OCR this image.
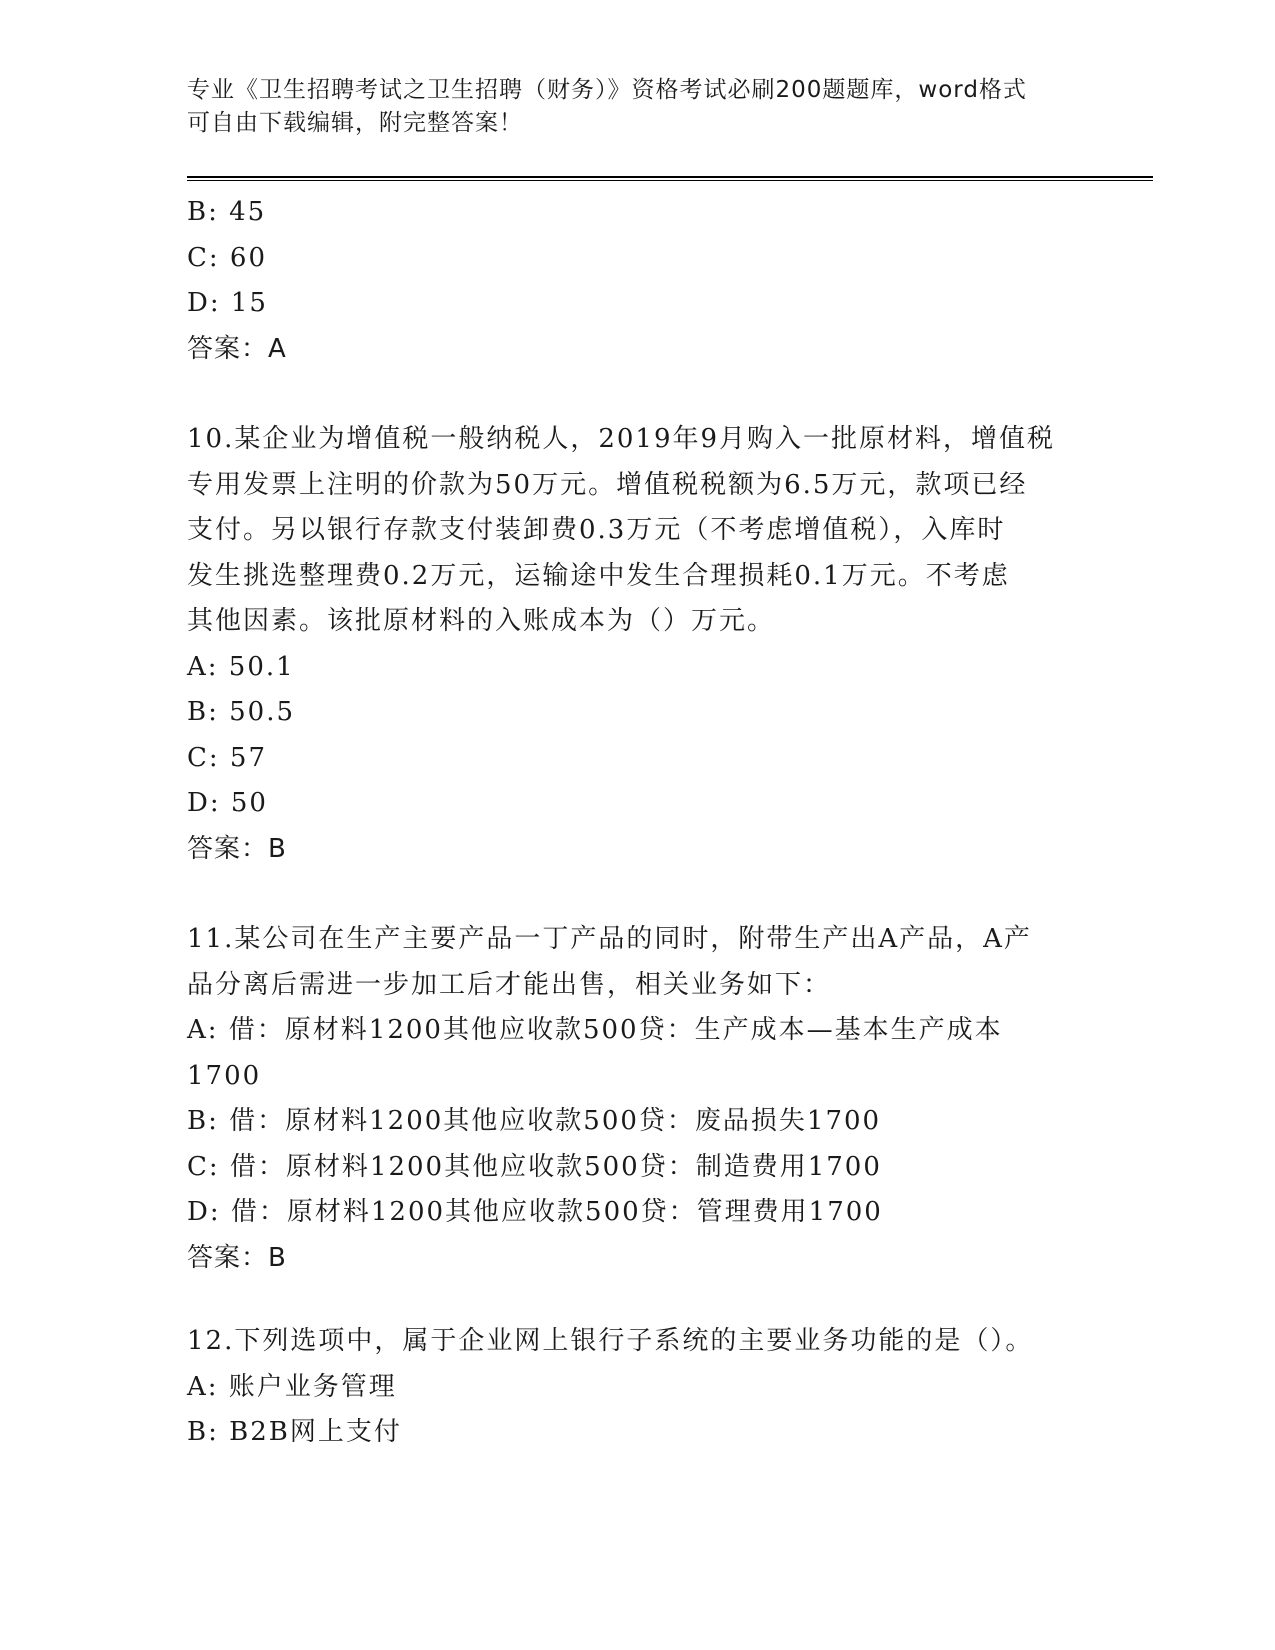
专业《卫生招聘考试之卫生招聘（财务）》资格考试必刷200题题库，word格式
可自由下载编辑，附完整答案！
B: 45
C: 60
D: 15
答案：A
10.某企业为增值税一般纳税人，2019年9月购入一批原材料，增值税
专用发票上注明的价款为50万元。增值税税额为6.5万元，款项已经
支付。另以银行存款支付装卸费0.3万元（不考虑增值税），入库时
发生挑选整理费0.2万元，运输途中发生合理损耗0.1万元。不考虑
其他因素。该批原材料的入账成本为（）万元。
A: 50.1
B: 50.5
C: 57
D: 50
答案：B
11.某公司在生产主要产品一丁产品的同时，附带生产出A产品，A产
品分离后需进一步加工后才能出售，相关业务如下：
A: 借：原材料1200其他应收款500贷：生产成本—基本生产成本
1700
B: 借：原材料1200其他应收款500贷：废品损失1700
C: 借：原材料1200其他应收款500贷：制造费用1700
D: 借：原材料1200其他应收款500贷：管理费用1700
答案：B
12.下列选项中，属于企业网上银行子系统的主要业务功能的是（）。
A: 账户业务管理
B: B2B网上支付
